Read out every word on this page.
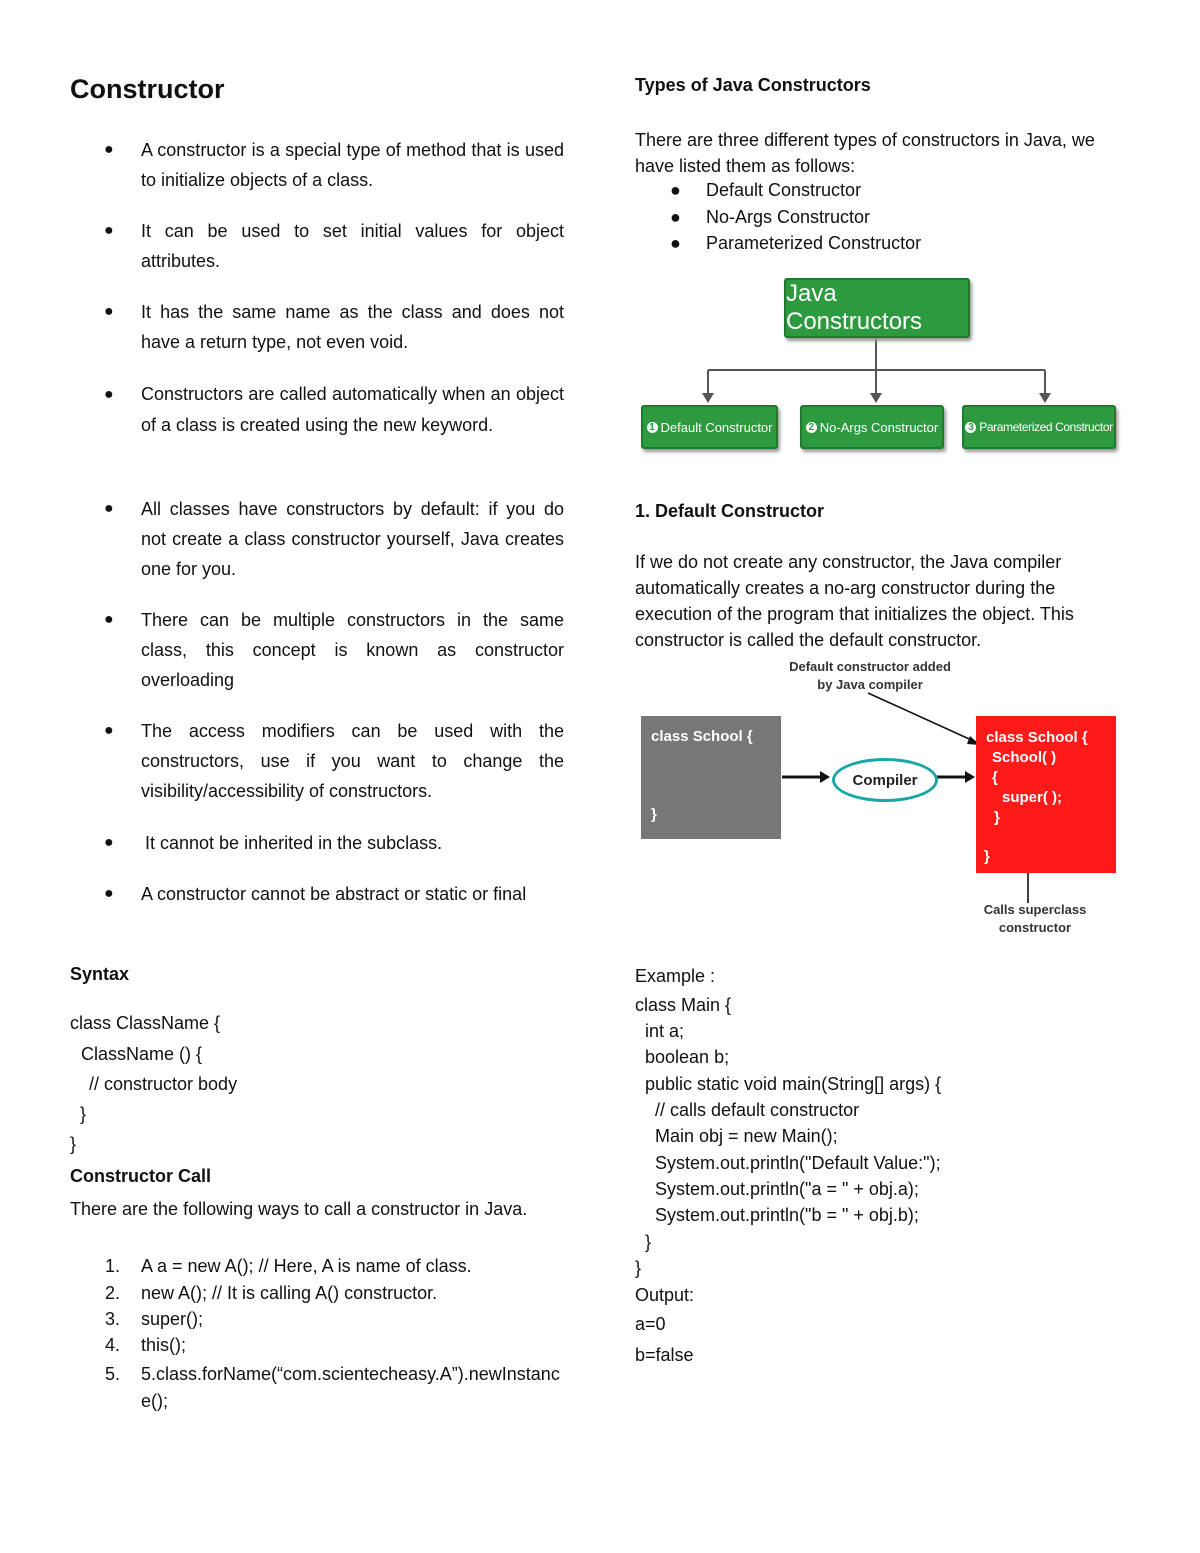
Constructor
● A constructor is a special type of method that is used to initialize objects of a class.
● It can be used to set initial values for object attributes.
● It has the same name as the class and does not have a return type, not even void.
● Constructors are called automatically when an object of a class is created using the new keyword.
● All classes have constructors by default: if you do not create a class constructor yourself, Java creates one for you.
● There can be multiple constructors in the same class, this concept is known as constructor overloading
● The access modifiers can be used with the constructors, use if you want to change the visibility/accessibility of constructors.
● It cannot be inherited in the subclass.
● A constructor cannot be abstract or static or final
Syntax
class ClassName {
ClassName () {
// constructor body
}
}
Constructor Call
There are the following ways to call a constructor in Java.
1. A a = new A(); // Here, A is name of class.
2. new A(); // It is calling A() constructor.
3. super();
4. this();
5. 5.class.forName(“com.scientecheasy.A”).newInstance();
Types of Java Constructors
There are three different types of constructors in Java, we have listed them as follows:
● Default Constructor
● No-Args Constructor
● Parameterized Constructor
Java Constructors
1 Default Constructor	2 No-Args Constructor	3 Parameterized Constructor
1. Default Constructor
If we do not create any constructor, the Java compiler automatically creates a no-arg constructor during the execution of the program that initializes the object. This constructor is called the default constructor.
Default constructor added
by Java compiler
class School {
}
Compiler
class School {
School( )
{
super( );
}
}
Calls superclass
constructor
Example :
class Main {
int a;
boolean b;
public static void main(String[] args) {
// calls default constructor
Main obj = new Main();
System.out.println("Default Value:");
System.out.println("a = " + obj.a);
System.out.println("b = " + obj.b);
}
}
Output:
a=0
b=false
